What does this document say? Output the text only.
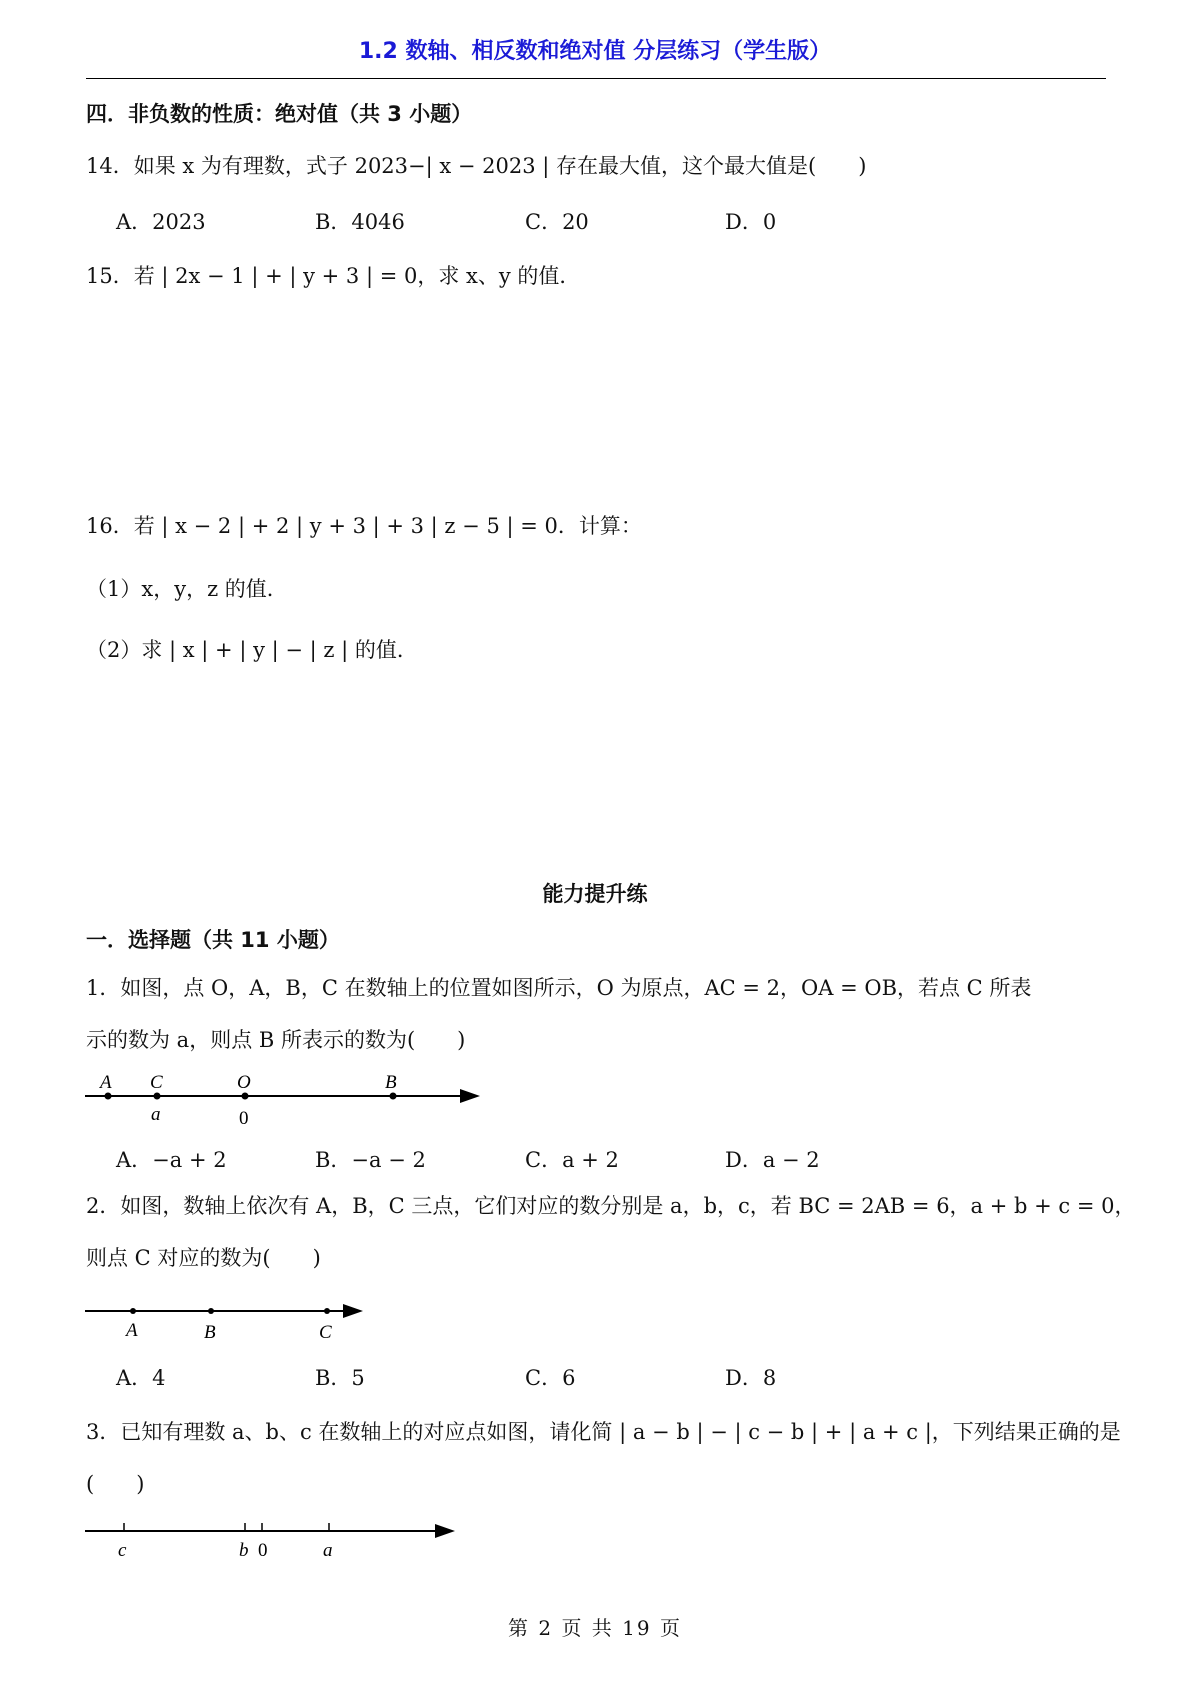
1.2 数轴、相反数和绝对值 分层练习（学生版）
四．非负数的性质：绝对值（共 3 小题）
14．如果 x 为有理数，式子 2023−| x − 2023 | 存在最大值，这个最大值是(　　)
A．2023	B．4046	C．20	D．0
15．若 | 2x − 1 | + | y + 3 | = 0，求 x、y 的值．
16．若 | x − 2 | + 2 | y + 3 | + 3 | z − 5 | = 0．计算：
（1）x，y，z 的值．
（2）求 | x | + | y | − | z | 的值．
能力提升练
一．选择题（共 11 小题）
1．如图，点 O，A，B，C 在数轴上的位置如图所示，O 为原点，AC = 2，OA = OB，若点 C 所表
示的数为 a，则点 B 所表示的数为(　　)
A C	O	B
a	0
A．−a + 2	B．−a − 2	C．a + 2	D．a − 2
2．如图，数轴上依次有 A，B，C 三点，它们对应的数分别是 a，b，c，若 BC = 2AB = 6，a + b + c = 0，
则点 C 对应的数为(　　)
A	B	C
A．4	B．5	C．6	D．8
3．已知有理数 a、b、c 在数轴上的对应点如图，请化简 | a − b | − | c − b | + | a + c |，下列结果正确的是
(　　)
c	b 0	a
第 2 页 共 19 页
